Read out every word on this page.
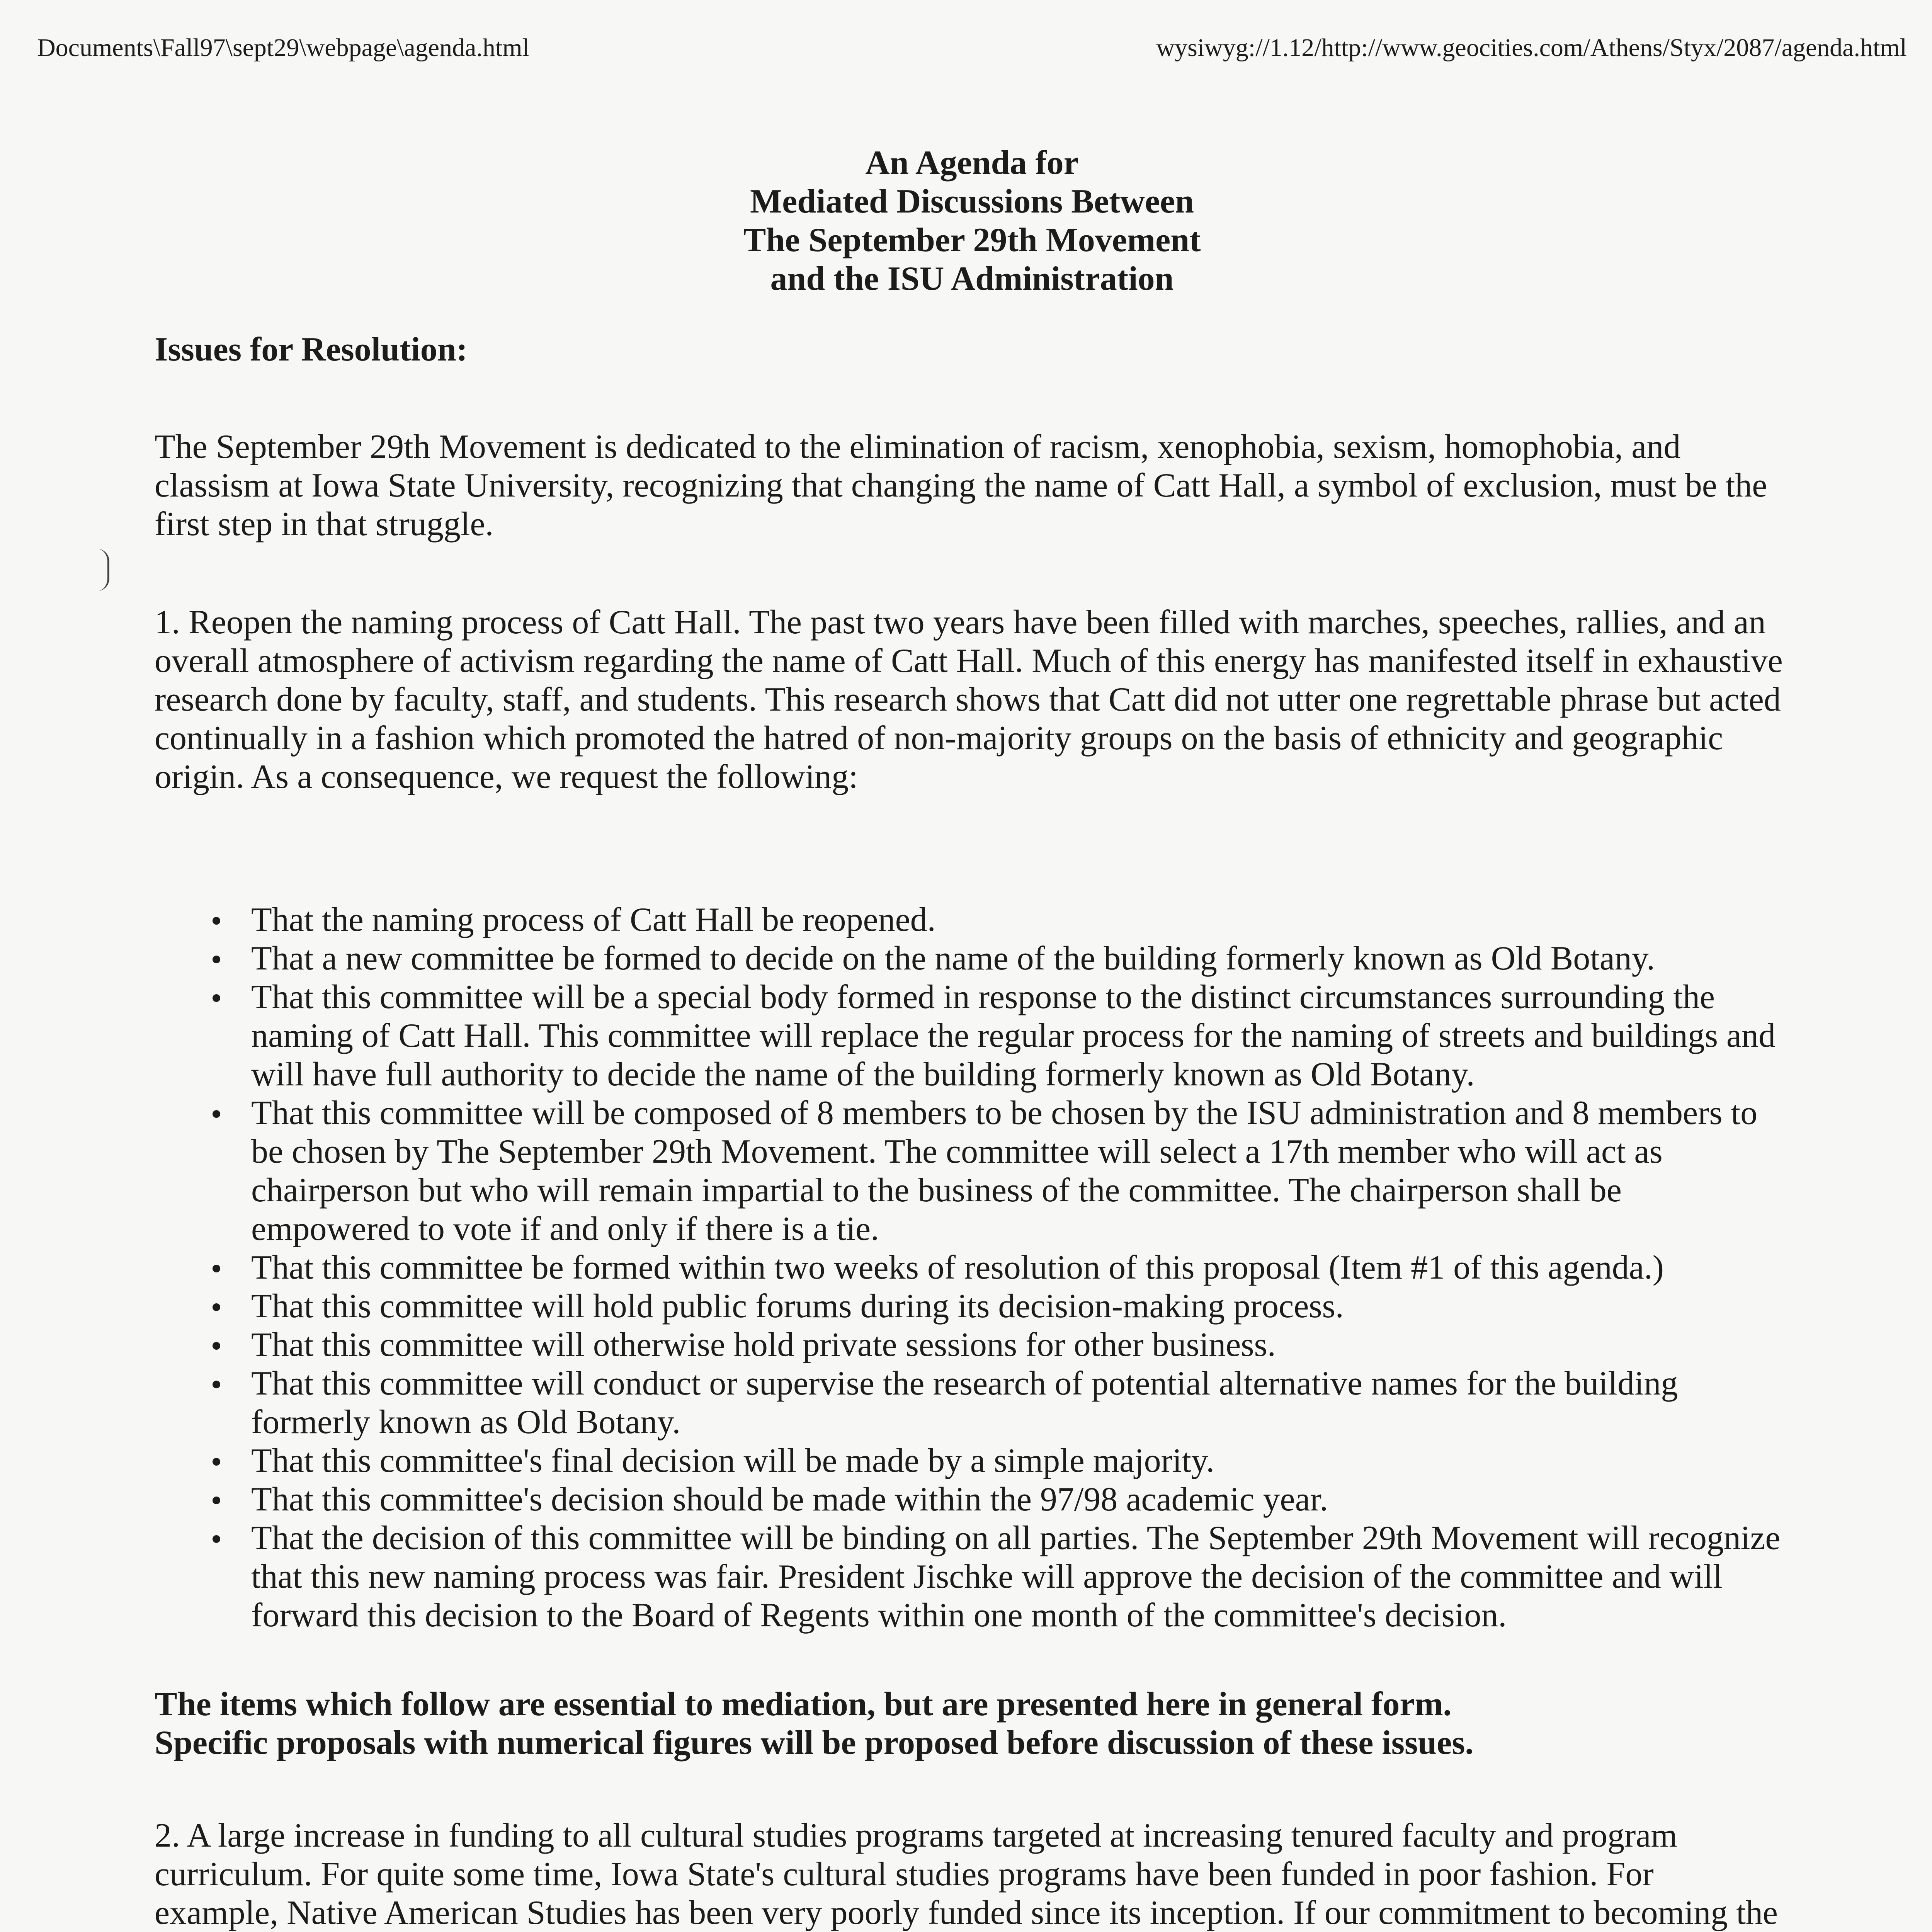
Documents\Fall97\sept29\webpage\agenda.html	wysiwyg://1.12/http://www.geocities.com/Athens/Styx/2087/agenda.html
An Agenda for
Mediated Discussions Between
The September 29th Movement
and the ISU Administration
Issues for Resolution:
The September 29th Movement is dedicated to the elimination of racism, xenophobia, sexism, homophobia, and classism at Iowa State University, recognizing that changing the name of Catt Hall, a symbol of exclusion, must be the first step in that struggle.
1. Reopen the naming process of Catt Hall. The past two years have been filled with marches, speeches, rallies, and an overall atmosphere of activism regarding the name of Catt Hall. Much of this energy has manifested itself in exhaustive research done by faculty, staff, and students. This research shows that Catt did not utter one regrettable phrase but acted continually in a fashion which promoted the hatred of non-majority groups on the basis of ethnicity and geographic origin. As a consequence, we request the following:
That the naming process of Catt Hall be reopened.
That a new committee be formed to decide on the name of the building formerly known as Old Botany.
That this committee will be a special body formed in response to the distinct circumstances surrounding the naming of Catt Hall. This committee will replace the regular process for the naming of streets and buildings and will have full authority to decide the name of the building formerly known as Old Botany.
That this committee will be composed of 8 members to be chosen by the ISU administration and 8 members to be chosen by The September 29th Movement. The committee will select a 17th member who will act as chairperson but who will remain impartial to the business of the committee. The chairperson shall be empowered to vote if and only if there is a tie.
That this committee be formed within two weeks of resolution of this proposal (Item #1 of this agenda.)
That this committee will hold public forums during its decision-making process.
That this committee will otherwise hold private sessions for other business.
That this committee will conduct or supervise the research of potential alternative names for the building formerly known as Old Botany.
That this committee's final decision will be made by a simple majority.
That this committee's decision should be made within the 97/98 academic year.
That the decision of this committee will be binding on all parties. The September 29th Movement will recognize that this new naming process was fair. President Jischke will approve the decision of the committee and will forward this decision to the Board of Regents within one month of the committee's decision.
The items which follow are essential to mediation, but are presented here in general form.
Specific proposals with numerical figures will be proposed before discussion of these issues.
2. A large increase in funding to all cultural studies programs targeted at increasing tenured faculty and program curriculum. For quite some time, Iowa State's cultural studies programs have been funded in poor fashion. For example, Native American Studies has been very poorly funded since its inception. If our commitment to becoming the
